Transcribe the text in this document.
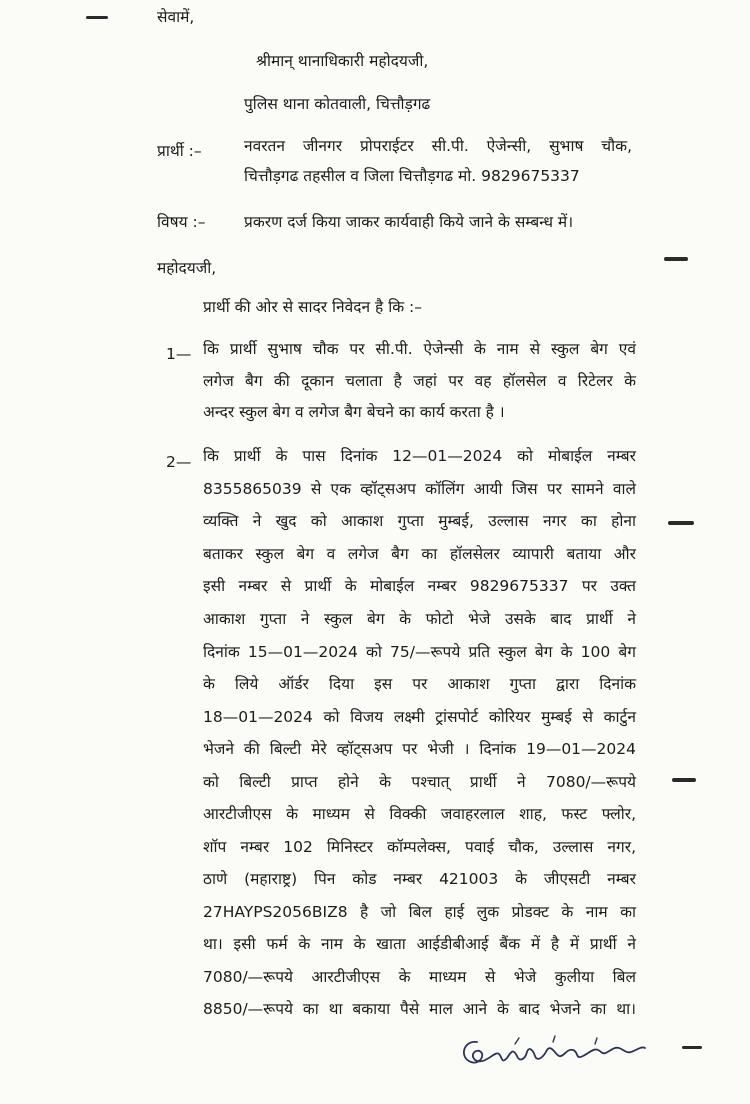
सेवामें,
श्रीमान् थानाधिकारी महोदयजी,
पुलिस थाना कोतवाली, चित्तौड़गढ
प्रार्थी :–	नवरतन जीनगर प्रोपराईटर सी.पी. ऐजेन्सी, सुभाष चौक,
चित्तौड़गढ तहसील व जिला चित्तौड़गढ मो. 9829675337
विषय :– प्रकरण दर्ज किया जाकर कार्यवाही किये जाने के सम्बन्ध में।
महोदयजी,
प्रार्थी की ओर से सादर निवेदन है कि :–
1— कि प्रार्थी सुभाष चौक पर सी.पी. ऐजेन्सी के नाम से स्कुल बेग एवं
लगेज बैग की दूकान चलाता है जहां पर वह हॉलसेल व रिटेलर के
अन्दर स्कुल बेग व लगेज बैग बेचने का कार्य करता है ।
2— कि प्रार्थी के पास दिनांक 12—01—2024 को मोबाईल नम्बर
8355865039 से एक व्हॉट्सअप कॉलिंग आयी जिस पर सामने वाले
व्यक्ति ने खुद को आकाश गुप्ता मुम्बई, उल्लास नगर का होना
बताकर स्कुल बेग व लगेज बैग का हॉलसेलर व्यापारी बताया और
इसी नम्बर से प्रार्थी के मोबाईल नम्बर 9829675337 पर उक्त
आकाश गुप्ता ने स्कुल बेग के फोटो भेजे उसके बाद प्रार्थी ने
दिनांक 15—01—2024 को 75/—रूपये प्रति स्कुल बेग के 100 बेग
के लिये ऑर्डर दिया इस पर आकाश गुप्ता द्वारा दिनांक
18—01—2024 को विजय लक्ष्मी ट्रांसपोर्ट कोरियर मुम्बई से कार्टुन
भेजने की बिल्टी मेरे व्हॉट्सअप पर भेजी । दिनांक 19—01—2024
को बिल्टी प्राप्त होने के पश्चात् प्रार्थी ने 7080/—रूपये
आरटीजीएस के माध्यम से विक्की जवाहरलाल शाह, फस्ट फ्लोर,
शॉप नम्बर 102 मिनिस्टर कॉम्पलेक्स, पवाई चौक, उल्लास नगर,
ठाणे (महाराष्ट्र) पिन कोड नम्बर 421003 के जीएसटी नम्बर
27HAYPS2056BIZ8 है जो बिल हाई लुक प्रोडक्ट के नाम का
था। इसी फर्म के नाम के खाता आईडीबीआई बैंक में है में प्रार्थी ने
7080/—रूपये आरटीजीएस के माध्यम से भेजे कुलीया बिल
8850/—रूपये का था बकाया पैसे माल आने के बाद भेजने का था।
